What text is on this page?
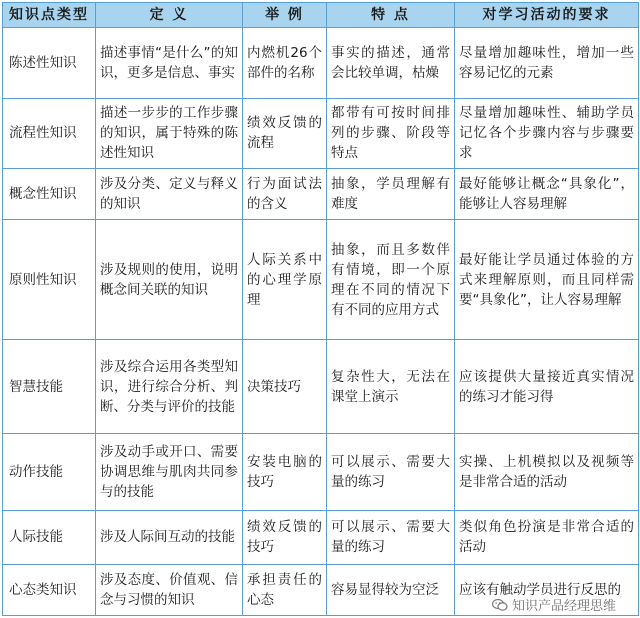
知识点类型	定 义	举 例	特 点	对学习活动的要求
陈述性知识	描述事情“是什么”的知识，更多是信息、事实	内燃机26个部件的名称	事实的描述，通常会比较单调，枯燥	尽量增加趣味性，增加一些容易记忆的元素
流程性知识	描述一步步的工作步骤的知识，属于特殊的陈述性知识	绩效反馈的流程	都带有可按时间排列的步骤、阶段等特点	尽量增加趣味性、辅助学员记忆各个步骤内容与步骤要求
概念性知识	涉及分类、定义与释义的知识	行为面试法的含义	抽象，学员理解有难度	最好能够让概念“具象化”，能够让人容易理解
原则性知识	涉及规则的使用，说明概念间关联的知识	人际关系中的心理学原理	抽象，而且多数伴有情境，即一个原理在不同的情况下有不同的应用方式	最好能让学员通过体验的方式来理解原则，而且同样需要“具象化”，让人容易理解
智慧技能	涉及综合运用各类型知识，进行综合分析、判断、分类与评价的技能	决策技巧	复杂性大，无法在课堂上演示	应该提供大量接近真实情况的练习才能习得
动作技能	涉及动手或开口、需要协调思维与肌肉共同参与的技能	安装电脑的技巧	可以展示、需要大量的练习	实操、上机模拟以及视频等是非常合适的活动
人际技能	涉及人际间互动的技能	绩效反馈的技巧	可以展示、需要大量的练习	类似角色扮演是非常合适的活动
心态类知识	涉及态度、价值观、信念与习惯的知识	承担责任的心态	容易显得较为空泛	应该有触动学员进行反思的
知识产品经理思维
